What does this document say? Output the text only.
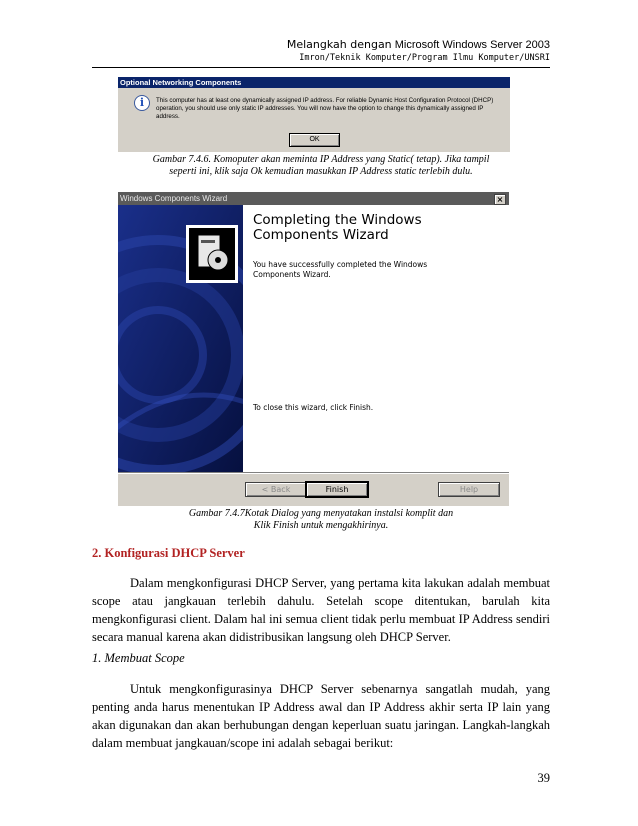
Melangkah dengan Microsoft Windows Server 2003
Imron/Teknik Komputer/Program Ilmu Komputer/UNSRI
Optional Networking Components
i	This computer has at least one dynamically assigned IP address. For reliable Dynamic Host Configuration Protocol (DHCP) operation, you should use only static IP addresses. You will now have the option to change this dynamically assigned IP address.
OK
Gambar 7.4.6. Komoputer akan meminta IP Address yang Static( tetap). Jika tampil
seperti ini, klik saja Ok kemudian masukkan IP Address static terlebih dulu.
Windows Components Wizard	×
Completing the Windows
Components Wizard
You have successfully completed the Windows
Components Wizard.
To close this wizard, click Finish.
< Back	Finish	Help
Gambar 7.4.7Kotak Dialog yang menyatakan instalsi komplit dan
Klik Finish untuk mengakhirinya.
2. Konfigurasi DHCP Server
Dalam mengkonfigurasi DHCP Server, yang pertama kita lakukan adalah membuat scope atau jangkauan terlebih dahulu. Setelah scope ditentukan, barulah kita mengkonfigurasi client. Dalam hal ini semua client tidak perlu membuat IP Address sendiri secara manual karena akan didistribusikan langsung oleh DHCP Server.
1. Membuat Scope
Untuk mengkonfigurasinya DHCP Server sebenarnya sangatlah mudah, yang penting anda harus menentukan IP Address awal dan IP Address akhir serta IP lain yang akan digunakan dan akan berhubungan dengan keperluan suatu jaringan. Langkah-langkah dalam membuat jangkauan/scope ini adalah sebagai berikut:
39
